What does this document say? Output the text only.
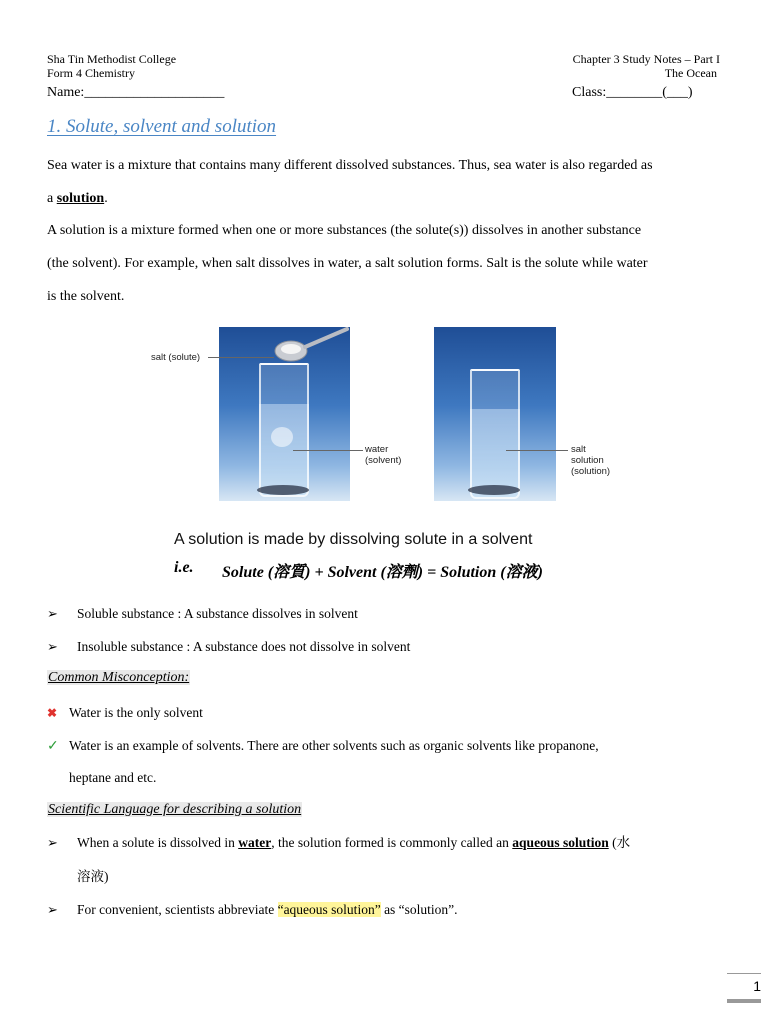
Sha Tin Methodist College
Form 4 Chemistry
Chapter 3 Study Notes – Part I
The Ocean
Name:____________________	Class:________(___)
1. Solute, solvent and solution
Sea water is a mixture that contains many different dissolved substances. Thus, sea water is also regarded as
a solution.
A solution is a mixture formed when one or more substances (the solute(s)) dissolves in another substance
(the solvent). For example, when salt dissolves in water, a salt solution forms. Salt is the solute while water
is the solvent.
salt (solute)
water
(solvent)
salt
solution
(solution)
A solution is made by dissolving solute in a solvent
i.e. Solute (溶質) + Solvent (溶劑) = Solution (溶液)
➢ Soluble substance : A substance dissolves in solvent
➢ Insoluble substance : A substance does not dissolve in solvent
Common Misconception:
✖ Water is the only solvent
✓ Water is an example of solvents. There are other solvents such as organic solvents like propanone,
heptane and etc.
Scientific Language for describing a solution
➢ When a solute is dissolved in water, the solution formed is commonly called an aqueous solution (水
溶液)
➢ For convenient, scientists abbreviate “aqueous solution” as “solution”.
1
